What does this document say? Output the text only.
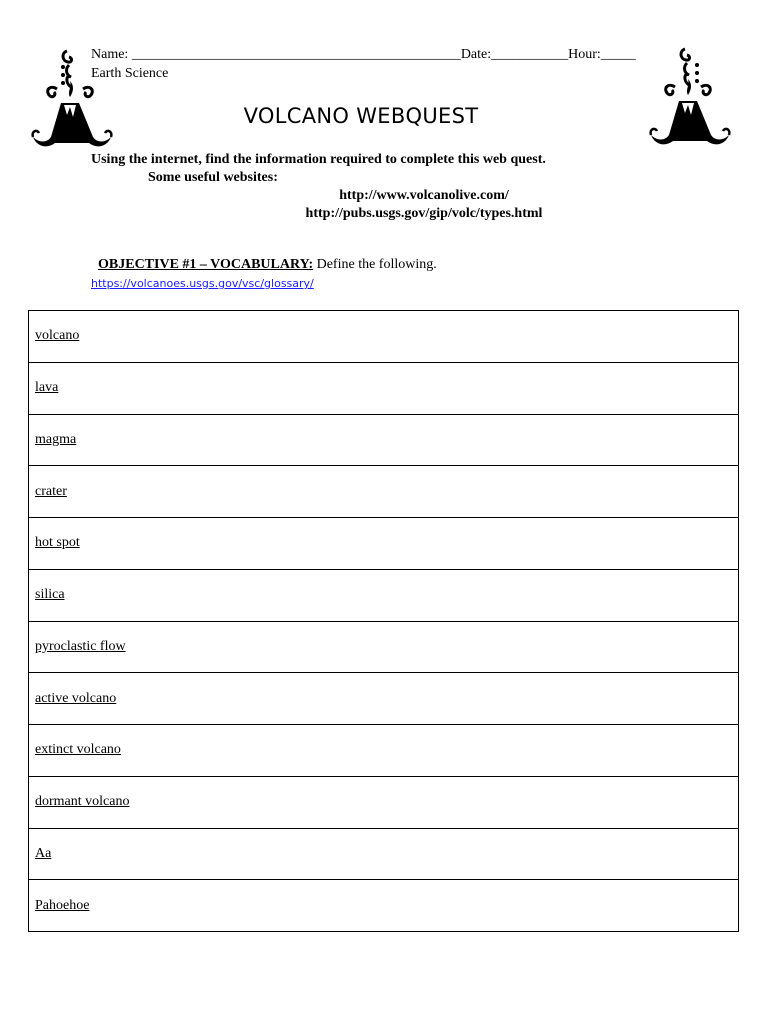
Name: _______________________________________________Date:___________Hour:_____
Earth Science
VOLCANO WEBQUEST
Using the internet, find the information required to complete this web quest.
Some useful websites:
http://www.volcanolive.com/
http://pubs.usgs.gov/gip/volc/types.html

OBJECTIVE #1 – VOCABULARY: Define the following.

https://volcanoes.usgs.gov/vsc/glossary/
volcano
lava
magma
crater
hot spot
silica
pyroclastic flow
active volcano
extinct volcano
dormant volcano
Aa
Pahoehoe
